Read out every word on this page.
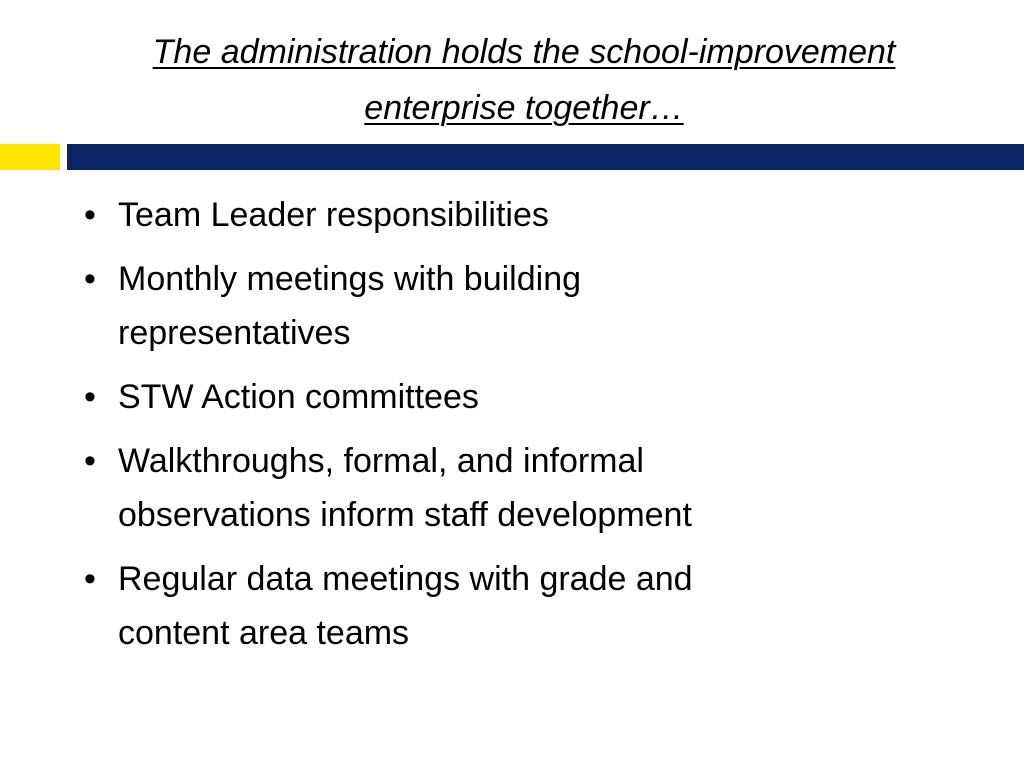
The administration holds the school-improvement
enterprise together…
• Team Leader responsibilities
• Monthly meetings with building
representatives
• STW Action committees
• Walkthroughs, formal, and informal
observations inform staff development
• Regular data meetings with grade and
content area teams
